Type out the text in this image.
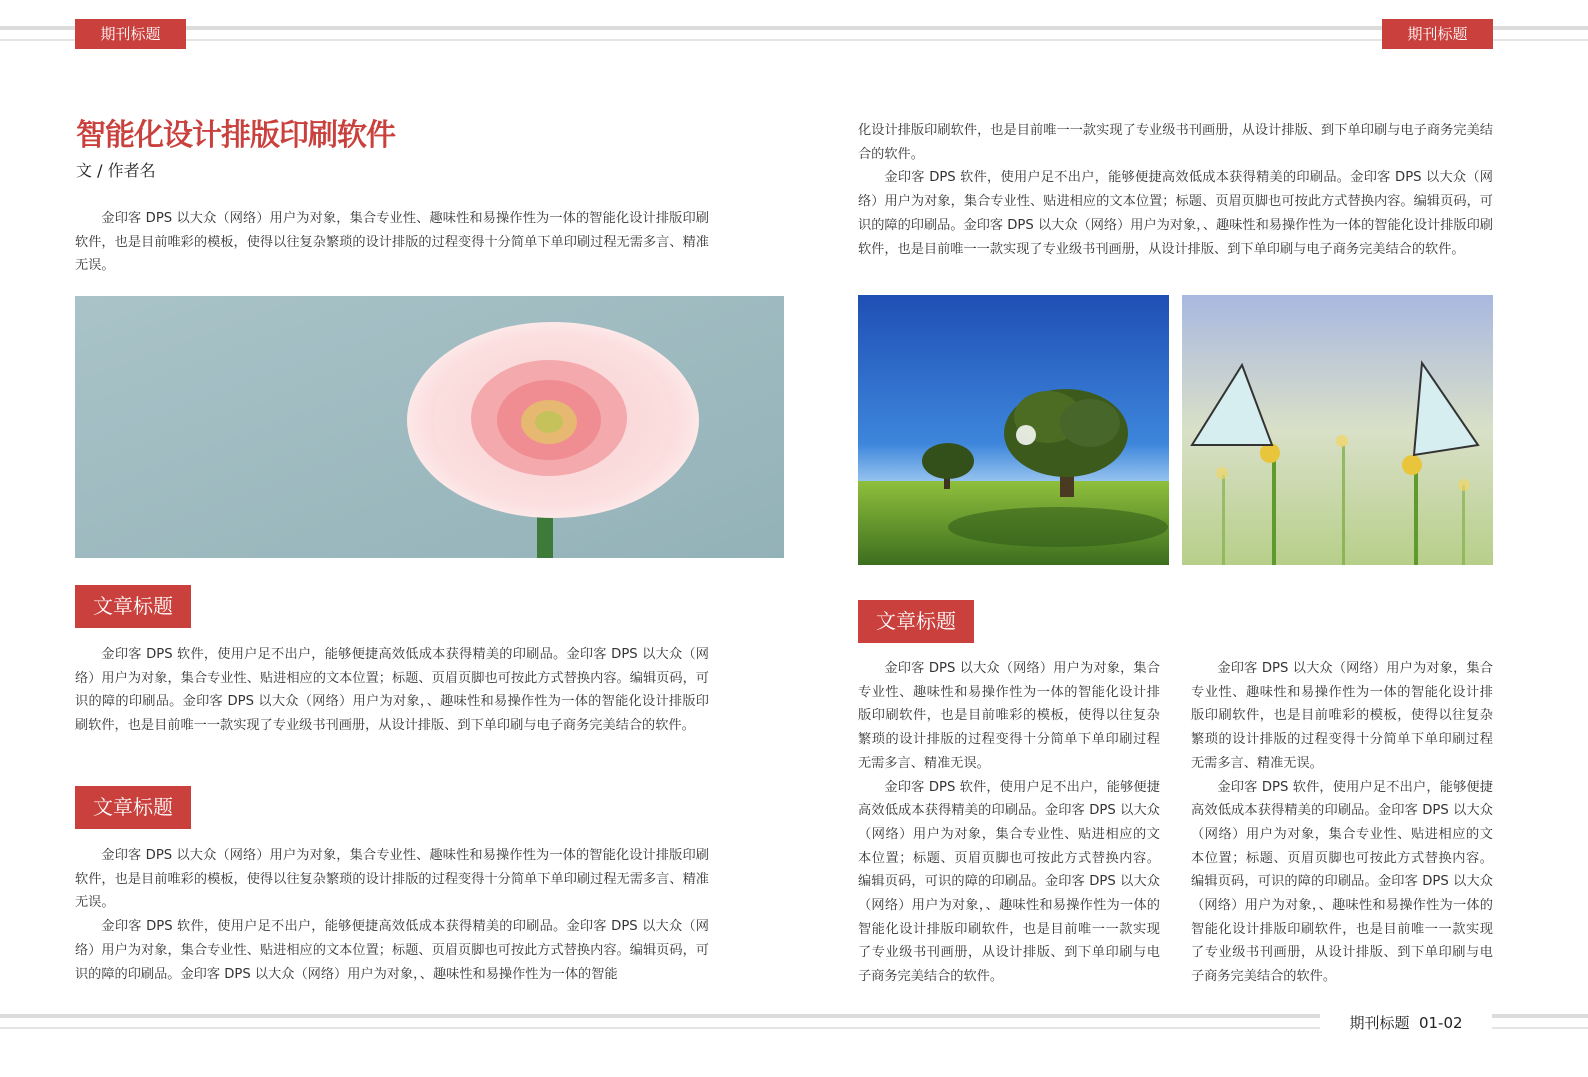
期刊标题	期刊标题
智能化设计排版印刷软件
文 / 作者名

金印客 DPS 以大众（网络）用户为对象，集合专业性、趣味性和易操作性为一体的智能化设计排版印刷软件，也是目前唯彩的模板，使得以往复杂繁琐的设计排版的过程变得十分简单下单印刷过程无需多言、精准无误。

文章标题

金印客 DPS 软件，使用户足不出户，能够便捷高效低成本获得精美的印刷品。金印客 DPS 以大众（网络）用户为对象，集合专业性、贴进相应的文本位置；标题、页眉页脚也可按此方式替换内容。编辑页码，可识的障的印刷品。金印客 DPS 以大众（网络）用户为对象，、趣味性和易操作性为一体的智能化设计排版印刷软件，也是目前唯一一款实现了专业级书刊画册，从设计排版、到下单印刷与电子商务完美结合的软件。

文章标题

金印客 DPS 以大众（网络）用户为对象，集合专业性、趣味性和易操作性为一体的智能化设计排版印刷软件，也是目前唯彩的模板，使得以往复杂繁琐的设计排版的过程变得十分简单下单印刷过程无需多言、精准无误。

金印客 DPS 软件，使用户足不出户，能够便捷高效低成本获得精美的印刷品。金印客 DPS 以大众（网络）用户为对象，集合专业性、贴进相应的文本位置；标题、页眉页脚也可按此方式替换内容。编辑页码，可识的障的印刷品。金印客 DPS 以大众（网络）用户为对象，、趣味性和易操作性为一体的智能

化设计排版印刷软件，也是目前唯一一款实现了专业级书刊画册，从设计排版、到下单印刷与电子商务完美结合的软件。

金印客 DPS 软件，使用户足不出户，能够便捷高效低成本获得精美的印刷品。金印客 DPS 以大众（网络）用户为对象，集合专业性、贴进相应的文本位置；标题、页眉页脚也可按此方式替换内容。编辑页码，可识的障的印刷品。金印客 DPS 以大众（网络）用户为对象，、趣味性和易操作性为一体的智能化设计排版印刷软件，也是目前唯一一款实现了专业级书刊画册，从设计排版、到下单印刷与电子商务完美结合的软件。

文章标题

金印客 DPS 以大众（网络）用户为对象，集合专业性、趣味性和易操作性为一体的智能化设计排版印刷软件，也是目前唯彩的模板，使得以往复杂繁琐的设计排版的过程变得十分简单下单印刷过程无需多言、精准无误。

金印客 DPS 软件，使用户足不出户，能够便捷高效低成本获得精美的印刷品。金印客 DPS 以大众（网络）用户为对象，集合专业性、贴进相应的文本位置；标题、页眉页脚也可按此方式替换内容。编辑页码，可识的障的印刷品。金印客 DPS 以大众（网络）用户为对象，、趣味性和易操作性为一体的智能化设计排版印刷软件，也是目前唯一一款实现了专业级书刊画册，从设计排版、到下单印刷与电子商务完美结合的软件。

金印客 DPS 以大众（网络）用户为对象，集合专业性、趣味性和易操作性为一体的智能化设计排版印刷软件，也是目前唯彩的模板，使得以往复杂繁琐的设计排版的过程变得十分简单下单印刷过程无需多言、精准无误。

金印客 DPS 软件，使用户足不出户，能够便捷高效低成本获得精美的印刷品。金印客 DPS 以大众（网络）用户为对象，集合专业性、贴进相应的文本位置；标题、页眉页脚也可按此方式替换内容。编辑页码，可识的障的印刷品。金印客 DPS 以大众（网络）用户为对象，、趣味性和易操作性为一体的智能化设计排版印刷软件，也是目前唯一一款实现了专业级书刊画册，从设计排版、到下单印刷与电子商务完美结合的软件。

期刊标题  01-02
